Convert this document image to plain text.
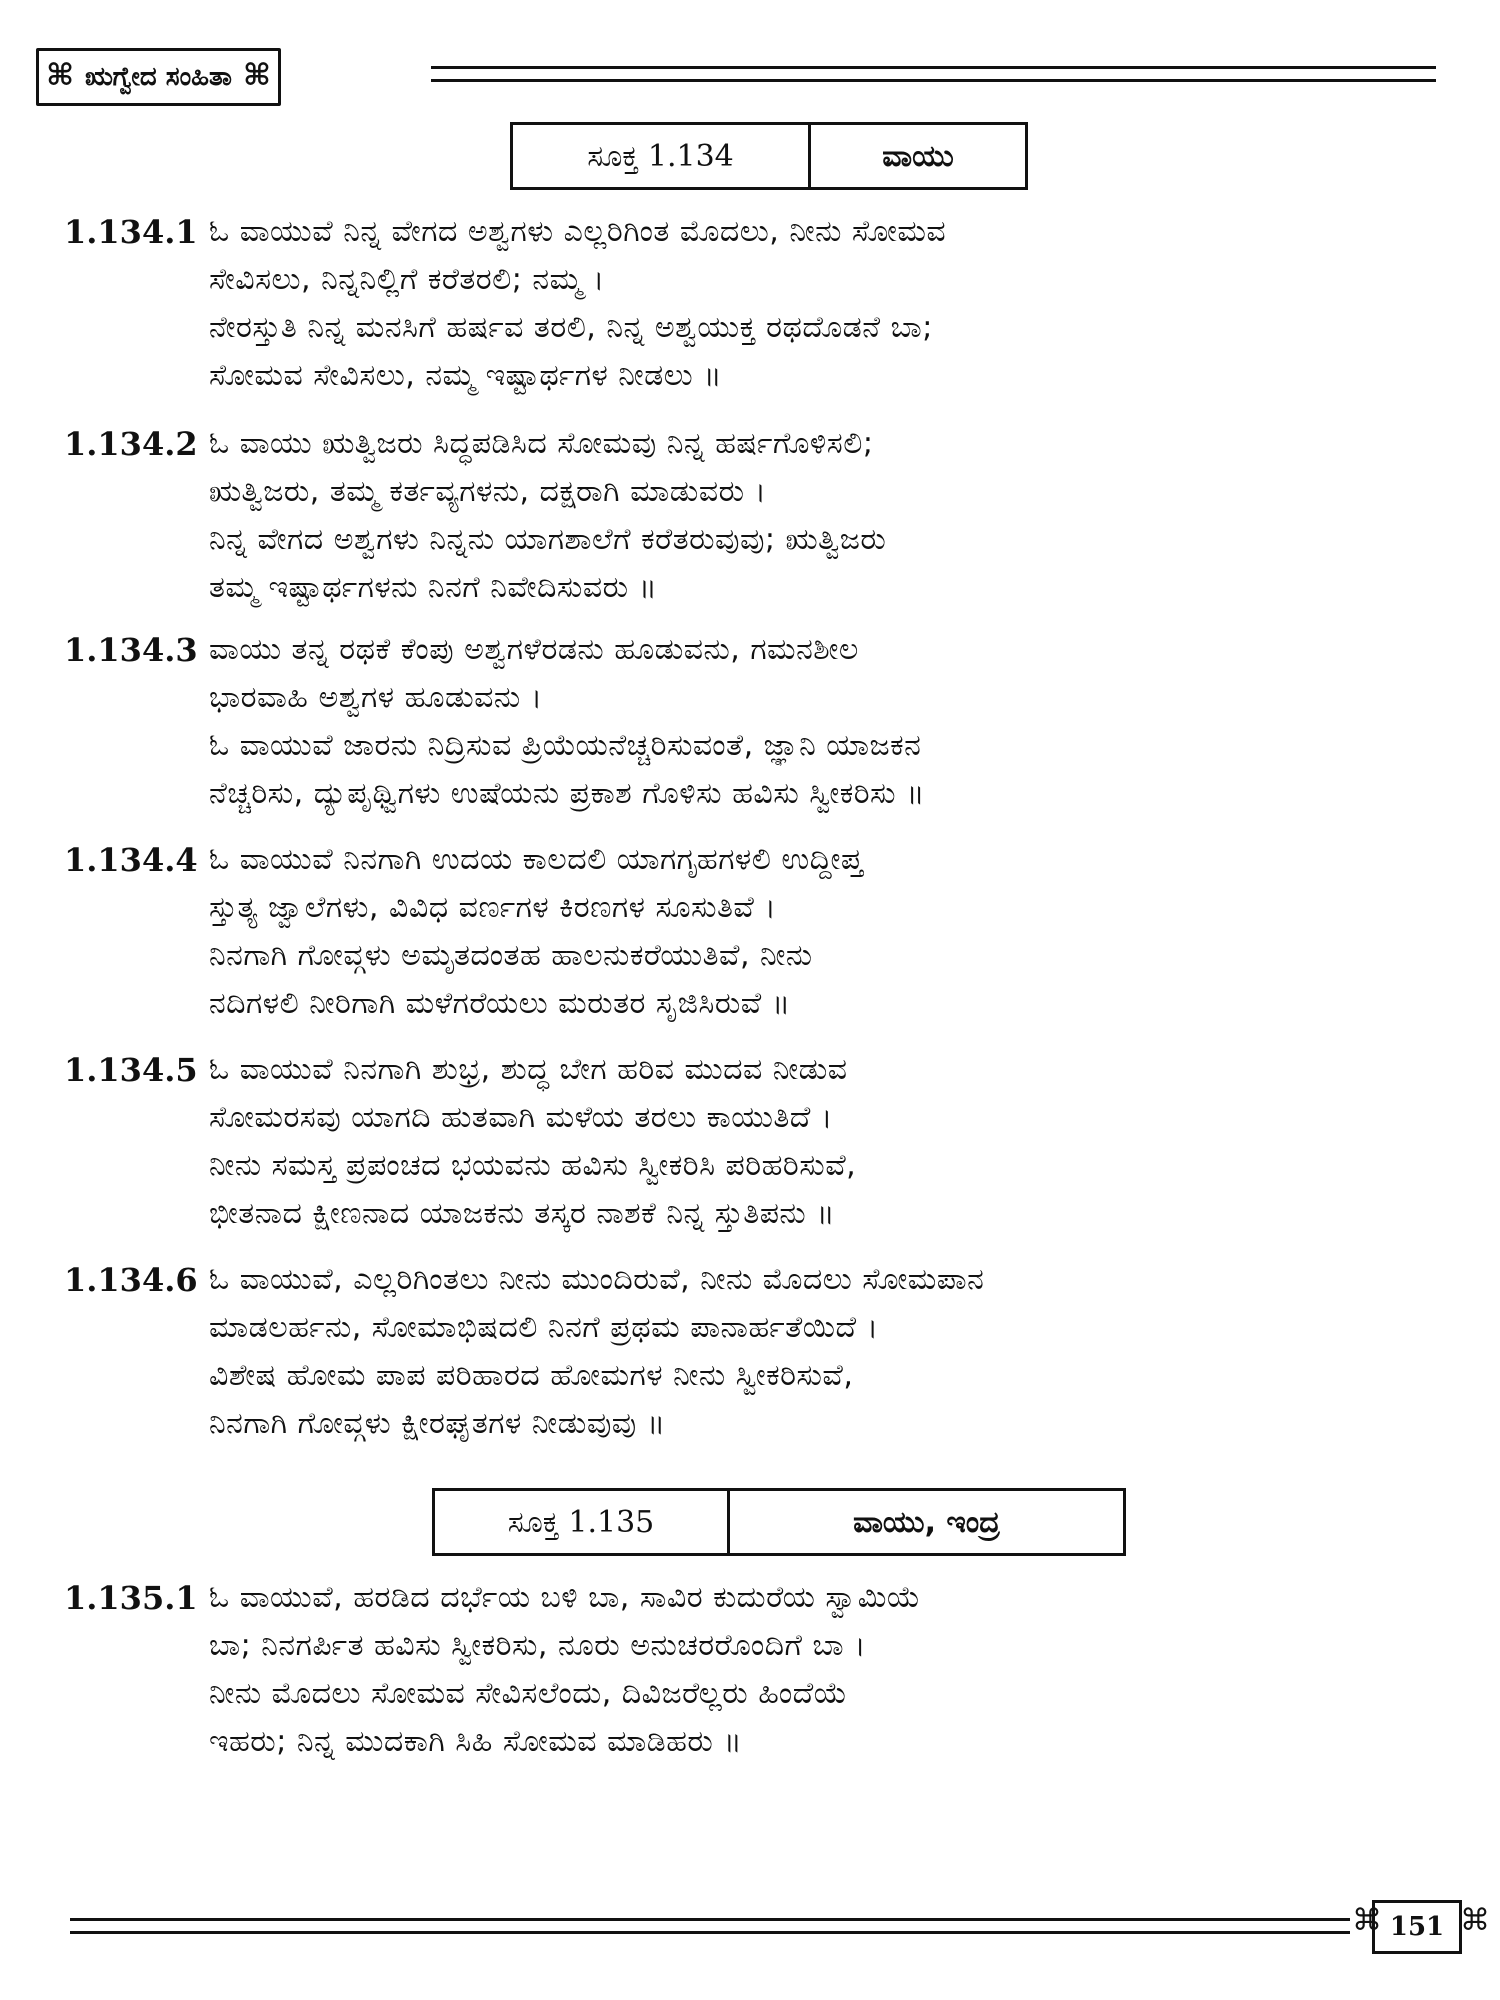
⌘ ಋಗ್ವೇದ ಸಂಹಿತಾ ⌘
ಸೂಕ್ತ 1.134	ವಾಯು
1.134.1 ಓ ವಾಯುವೆ ನಿನ್ನ ವೇಗದ ಅಶ್ವಗಳು ಎಲ್ಲರಿಗಿಂತ ಮೊದಲು, ನೀನು ಸೋಮವ
ಸೇವಿಸಲು, ನಿನ್ನನಿಲ್ಲಿಗೆ ಕರೆತರಲಿ; ನಮ್ಮ ।
ನೇರಸ್ತುತಿ ನಿನ್ನ ಮನಸಿಗೆ ಹರ್ಷವ ತರಲಿ, ನಿನ್ನ ಅಶ್ವಯುಕ್ತ ರಥದೊಡನೆ ಬಾ;
ಸೋಮವ ಸೇವಿಸಲು, ನಮ್ಮ ಇಷ್ಟಾರ್ಥಗಳ ನೀಡಲು ॥
1.134.2 ಓ ವಾಯು ಋತ್ವಿಜರು ಸಿದ್ಧಪಡಿಸಿದ ಸೋಮವು ನಿನ್ನ ಹರ್ಷಗೊಳಿಸಲಿ;
ಋತ್ವಿಜರು, ತಮ್ಮ ಕರ್ತವ್ಯಗಳನು, ದಕ್ಷರಾಗಿ ಮಾಡುವರು ।
ನಿನ್ನ ವೇಗದ ಅಶ್ವಗಳು ನಿನ್ನನು ಯಾಗಶಾಲೆಗೆ ಕರೆತರುವುವು; ಋತ್ವಿಜರು
ತಮ್ಮ ಇಷ್ಟಾರ್ಥಗಳನು ನಿನಗೆ ನಿವೇದಿಸುವರು ॥
1.134.3 ವಾಯು ತನ್ನ ರಥಕೆ ಕೆಂಪು ಅಶ್ವಗಳೆರಡನು ಹೂಡುವನು, ಗಮನಶೀಲ
ಭಾರವಾಹಿ ಅಶ್ವಗಳ ಹೂಡುವನು ।
ಓ ವಾಯುವೆ ಜಾರನು ನಿದ್ರಿಸುವ ಪ್ರಿಯೆಯನೆಚ್ಚರಿಸುವಂತೆ, ಜ್ಞಾನಿ ಯಾಜಕನ
ನೆಚ್ಚರಿಸು, ದ್ಯುಪೃಥ್ವಿಗಳು ಉಷೆಯನು ಪ್ರಕಾಶ ಗೊಳಿಸು ಹವಿಸು ಸ್ವೀಕರಿಸು ॥
1.134.4 ಓ ವಾಯುವೆ ನಿನಗಾಗಿ ಉದಯ ಕಾಲದಲಿ ಯಾಗಗೃಹಗಳಲಿ ಉದ್ದೀಪ್ತ
ಸ್ತುತ್ಯ ಜ್ವಾಲೆಗಳು, ವಿವಿಧ ವರ್ಣಗಳ ಕಿರಣಗಳ ಸೂಸುತಿವೆ ।
ನಿನಗಾಗಿ ಗೋವ್ಗಳು ಅಮೃತದಂತಹ ಹಾಲನುಕರೆಯುತಿವೆ, ನೀನು
ನದಿಗಳಲಿ ನೀರಿಗಾಗಿ ಮಳೆಗರೆಯಲು ಮರುತರ ಸೃಜಿಸಿರುವೆ ॥
1.134.5 ಓ ವಾಯುವೆ ನಿನಗಾಗಿ ಶುಭ್ರ, ಶುದ್ಧ ಬೇಗ ಹರಿವ ಮುದವ ನೀಡುವ
ಸೋಮರಸವು ಯಾಗದಿ ಹುತವಾಗಿ ಮಳೆಯ ತರಲು ಕಾಯುತಿದೆ ।
ನೀನು ಸಮಸ್ತ ಪ್ರಪಂಚದ ಭಯವನು ಹವಿಸು ಸ್ವೀಕರಿಸಿ ಪರಿಹರಿಸುವೆ,
ಭೀತನಾದ ಕ್ಷೀಣನಾದ ಯಾಜಕನು ತಸ್ಕರ ನಾಶಕೆ ನಿನ್ನ ಸ್ತುತಿಪನು ॥
1.134.6 ಓ ವಾಯುವೆ, ಎಲ್ಲರಿಗಿಂತಲು ನೀನು ಮುಂದಿರುವೆ, ನೀನು ಮೊದಲು ಸೋಮಪಾನ
ಮಾಡಲರ್ಹನು, ಸೋಮಾಭಿಷದಲಿ ನಿನಗೆ ಪ್ರಥಮ ಪಾನಾರ್ಹತೆಯಿದೆ ।
ವಿಶೇಷ ಹೋಮ ಪಾಪ ಪರಿಹಾರದ ಹೋಮಗಳ ನೀನು ಸ್ವೀಕರಿಸುವೆ,
ನಿನಗಾಗಿ ಗೋವ್ಗಳು ಕ್ಷೀರಘೃತಗಳ ನೀಡುವುವು ॥
ಸೂಕ್ತ 1.135	ವಾಯು, ಇಂದ್ರ
1.135.1 ಓ ವಾಯುವೆ, ಹರಡಿದ ದರ್ಭೆಯ ಬಳಿ ಬಾ, ಸಾವಿರ ಕುದುರೆಯ ಸ್ವಾಮಿಯೆ
ಬಾ; ನಿನಗರ್ಪಿತ ಹವಿಸು ಸ್ವೀಕರಿಸು, ನೂರು ಅನುಚರರೊಂದಿಗೆ ಬಾ ।
ನೀನು ಮೊದಲು ಸೋಮವ ಸೇವಿಸಲೆಂದು, ದಿವಿಜರೆಲ್ಲರು ಹಿಂದೆಯೆ
ಇಹರು; ನಿನ್ನ ಮುದಕಾಗಿ ಸಿಹಿ ಸೋಮವ ಮಾಡಿಹರು ॥
⌘ 151 ⌘
